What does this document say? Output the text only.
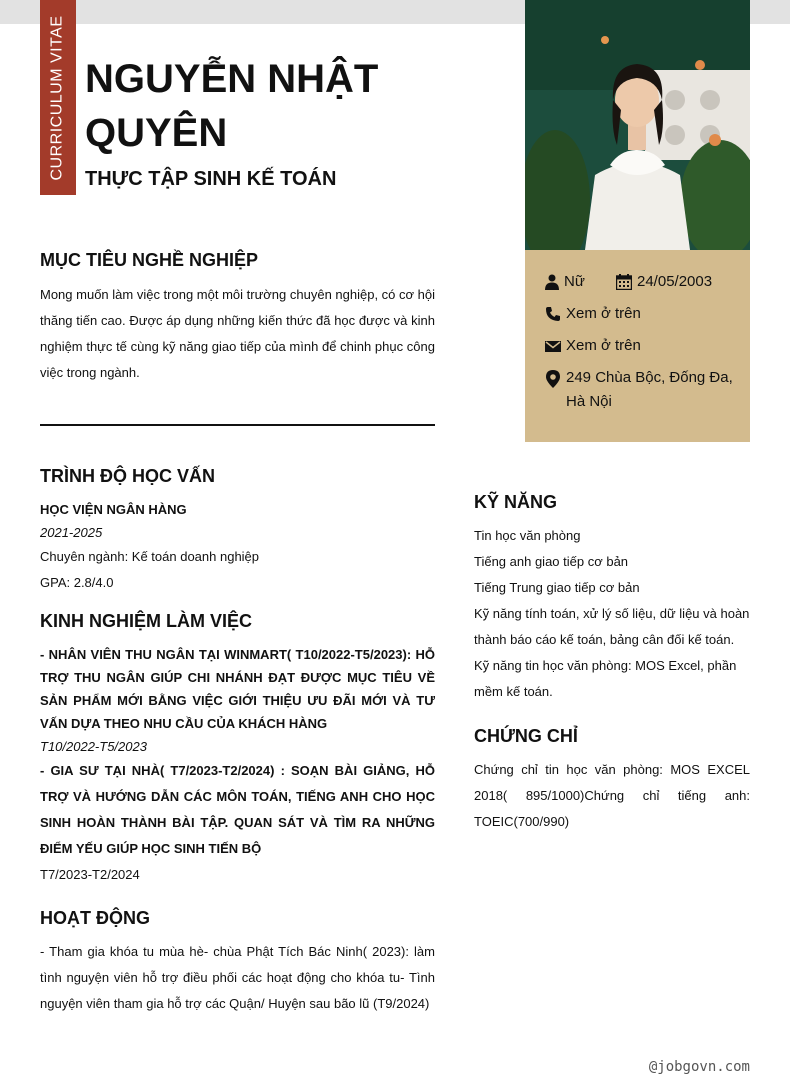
CURRICULUM VITAE NGUYỄN NHẬT QUYÊN
THỰC TẬP SINH KẾ TOÁN
Nữ	24/05/2003
Xem ở trên
Xem ở trên
249 Chùa Bộc, Đống Đa, Hà Nội
MỤC TIÊU NGHỀ NGHIỆP
Mong muốn làm việc trong một môi trường chuyên nghiệp, có cơ hội thăng tiến cao. Được áp dụng những kiến thức đã học được và kinh nghiệm thực tế cùng kỹ năng giao tiếp của mình để chinh phục công việc trong ngành.
TRÌNH ĐỘ HỌC VẤN
HỌC VIỆN NGÂN HÀNG
2021-2025
Chuyên ngành: Kế toán doanh nghiệp
GPA: 2.8/4.0
KINH NGHIỆM LÀM VIỆC
- NHÂN VIÊN THU NGÂN TẠI WINMART( T10/2022-T5/2023): HỖ TRỢ THU NGÂN GIÚP CHI NHÁNH ĐẠT ĐƯỢC MỤC TIÊU VỀ SẢN PHẨM MỚI BẰNG VIỆC GIỚI THIỆU ƯU ĐÃI MỚI VÀ TƯ VẤN DỰA THEO NHU CẦU CỦA KHÁCH HÀNG
T10/2022-T5/2023
- GIA SƯ TẠI NHÀ( T7/2023-T2/2024) : SOẠN BÀI GIẢNG, HỖ TRỢ VÀ HƯỚNG DẪN CÁC MÔN TOÁN, TIẾNG ANH CHO HỌC SINH HOÀN THÀNH BÀI TẬP. QUAN SÁT VÀ TÌM RA NHỮNG ĐIỂM YẾU GIÚP HỌC SINH TIẾN BỘ
T7/2023-T2/2024
HOẠT ĐỘNG
- Tham gia khóa tu mùa hè- chùa Phật Tích Bác Ninh( 2023): làm tình nguyện viên hỗ trợ điều phối các hoạt động cho khóa tu- Tình nguyện viên tham gia hỗ trợ các Quận/ Huyện sau bão lũ (T9/2024)
KỸ NĂNG
Tin học văn phòng
Tiếng anh giao tiếp cơ bản
Tiếng Trung giao tiếp cơ bản
Kỹ năng tính toán, xử lý số liệu, dữ liệu và hoàn thành báo cáo kế toán, bảng cân đối kế toán. Kỹ năng tin học văn phòng: MOS Excel, phần mềm kế toán.
CHỨNG CHỈ
Chứng chỉ tin học văn phòng: MOS EXCEL 2018( 895/1000)Chứng chỉ tiếng anh: TOEIC(700/990)
@jobgovn.com
